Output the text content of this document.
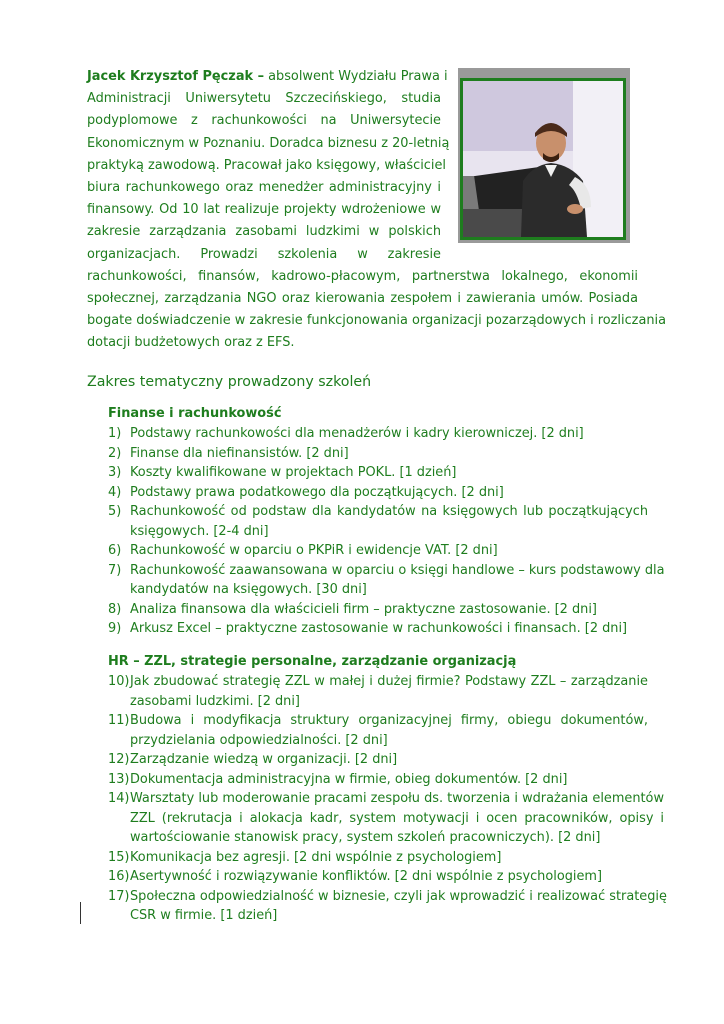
Jacek Krzysztof Pęczak – absolwent Wydziału Prawa i
Administracji Uniwersytetu Szczecińskiego, studia
podyplomowe z rachunkowości na Uniwersytecie
Ekonomicznym w Poznaniu. Doradca biznesu z 20-letnią
praktyką zawodową. Pracował jako księgowy, właściciel
biura rachunkowego oraz menedżer administracyjny i
finansowy. Od 10 lat realizuje projekty wdrożeniowe w
zakresie zarządzania zasobami ludzkimi w polskich
organizacjach. Prowadzi szkolenia w zakresie
rachunkowości, finansów, kadrowo-płacowym, partnerstwa lokalnego, ekonomii
społecznej, zarządzania NGO oraz kierowania zespołem i zawierania umów. Posiada
bogate doświadczenie w zakresie funkcjonowania organizacji pozarządowych i rozliczania
dotacji budżetowych oraz z EFS.
Zakres tematyczny prowadzony szkoleń
Finanse i rachunkowość
1) Podstawy rachunkowości dla menadżerów i kadry kierowniczej. [2 dni]
2) Finanse dla niefinansistów. [2 dni]
3) Koszty kwalifikowane w projektach POKL. [1 dzień]
4) Podstawy prawa podatkowego dla początkujących. [2 dni]
5) Rachunkowość od podstaw dla kandydatów na księgowych lub początkujących
księgowych. [2-4 dni]
6) Rachunkowość w oparciu o PKPiR i ewidencje VAT. [2 dni]
7) Rachunkowość zaawansowana w oparciu o księgi handlowe – kurs podstawowy dla
kandydatów na księgowych. [30 dni]
8) Analiza finansowa dla właścicieli firm – praktyczne zastosowanie. [2 dni]
9) Arkusz Excel – praktyczne zastosowanie w rachunkowości i finansach. [2 dni]
HR – ZZL, strategie personalne, zarządzanie organizacją
10) Jak zbudować strategię ZZL w małej i dużej firmie? Podstawy ZZL – zarządzanie
zasobami ludzkimi. [2 dni]
11) Budowa i modyfikacja struktury organizacyjnej firmy, obiegu dokumentów,
przydzielania odpowiedzialności. [2 dni]
12) Zarządzanie wiedzą w organizacji. [2 dni]
13) Dokumentacja administracyjna w firmie, obieg dokumentów. [2 dni]
14) Warsztaty lub moderowanie pracami zespołu ds. tworzenia i wdrażania elementów
ZZL (rekrutacja i alokacja kadr, system motywacji i ocen pracowników, opisy i
wartościowanie stanowisk pracy, system szkoleń pracowniczych). [2 dni]
15) Komunikacja bez agresji. [2 dni wspólnie z psychologiem]
16) Asertywność i rozwiązywanie konfliktów. [2 dni wspólnie z psychologiem]
17) Społeczna odpowiedzialność w biznesie, czyli jak wprowadzić i realizować strategię
CSR w firmie. [1 dzień]
